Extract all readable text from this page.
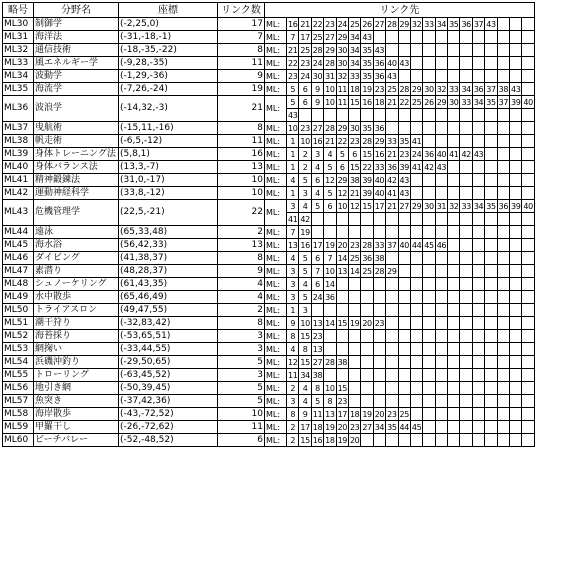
略号	分野名	座標	リンク数	リンク先																				
ML30	制御学	(-2,25,0)	17	ML:	16	21	22	23	24	25	26	27	28	29	32	33	34	35	36	37	43			
ML31	海洋法	(-31,-18,-1)	7	ML:	7	17	25	27	29	34	43													
ML32	通信技術	(-18,-35,-22)	8	ML:	21	25	28	29	30	34	35	43												
ML33	風エネルギー学	(-9,28,-35)	11	ML:	22	23	24	28	30	34	35	36	40	43										
ML34	波動学	(-1,29,-36)	9	ML:	23	24	30	31	32	33	35	36	43											
ML35	海流学	(-7,26,-24)	19	ML:	5	6	9	10	11	18	19	23	25	28	29	30	32	33	34	36	37	38	43	
ML36	波浪学	(-14,32,-3)	21	ML:	5	6	9	10	11	15	16	18	21	22	25	26	29	30	33	34	35	37	39	40
					43																			
ML37	曳航術	(-15,11,-16)	8	ML:	10	23	27	28	29	30	35	36												
ML38	帆走術	(-6,5,-12)	11	ML:	1	10	16	21	22	23	28	29	33	35	41									
ML39	身体トレーニング法	(5,8,1)	16	ML:	1	2	3	4	5	6	15	16	21	23	24	36	40	41	42	43				
ML40	身体バランス法	(13,3,-7)	13	ML:	1	2	4	5	6	15	22	33	36	39	41	42	43							
ML41	精神鍛錬法	(31,0,-17)	10	ML:	4	5	6	12	29	38	39	40	42	43										
ML42	運動神経科学	(33,8,-12)	10	ML:	1	3	4	5	12	21	39	40	41	43										
ML43	危機管理学	(22,5,-21)	22	ML:	3	4	5	6	10	12	15	17	21	27	29	30	31	32	33	34	35	36	39	40
					41	42																		
ML44	遠泳	(65,33,48)	2	ML:	7	19																		
ML45	海水浴	(56,42,33)	13	ML:	13	16	17	19	20	23	28	33	37	40	44	45	46							
ML46	ダイビング	(41,38,37)	8	ML:	4	5	6	7	14	25	36	38												
ML47	素潜り	(48,28,37)	9	ML:	3	5	7	10	13	14	25	28	29											
ML48	シュノーケリング	(61,43,35)	4	ML:	3	4	6	14																
ML49	水中散歩	(65,46,49)	4	ML:	3	5	24	36																
ML50	トライアスロン	(49,47,55)	2	ML:	1	3																		
ML51	潮干狩り	(-32,83,42)	8	ML:	9	10	13	14	15	19	20	23												
ML52	海苔採り	(-53,65,51)	3	ML:	8	15	23																	
ML53	網掬い	(-33,44,55)	3	ML:	4	8	13																	
ML54	浜磯沖釣り	(-29,50,65)	5	ML:	12	15	27	28	38															
ML55	トローリング	(-63,45,52)	3	ML:	11	34	38																	
ML56	地引き網	(-50,39,45)	5	ML:	2	4	8	10	15															
ML57	魚突き	(-37,42,36)	5	ML:	3	4	5	8	23															
ML58	海岸散歩	(-43,-72,52)	10	ML:	8	9	11	13	17	18	19	20	23	25										
ML59	甲羅干し	(-26,-72,62)	11	ML:	2	17	18	19	20	23	27	34	35	44	45									
ML60	ビーチバレー	(-52,-48,52)	6	ML:	2	15	16	18	19	20														
